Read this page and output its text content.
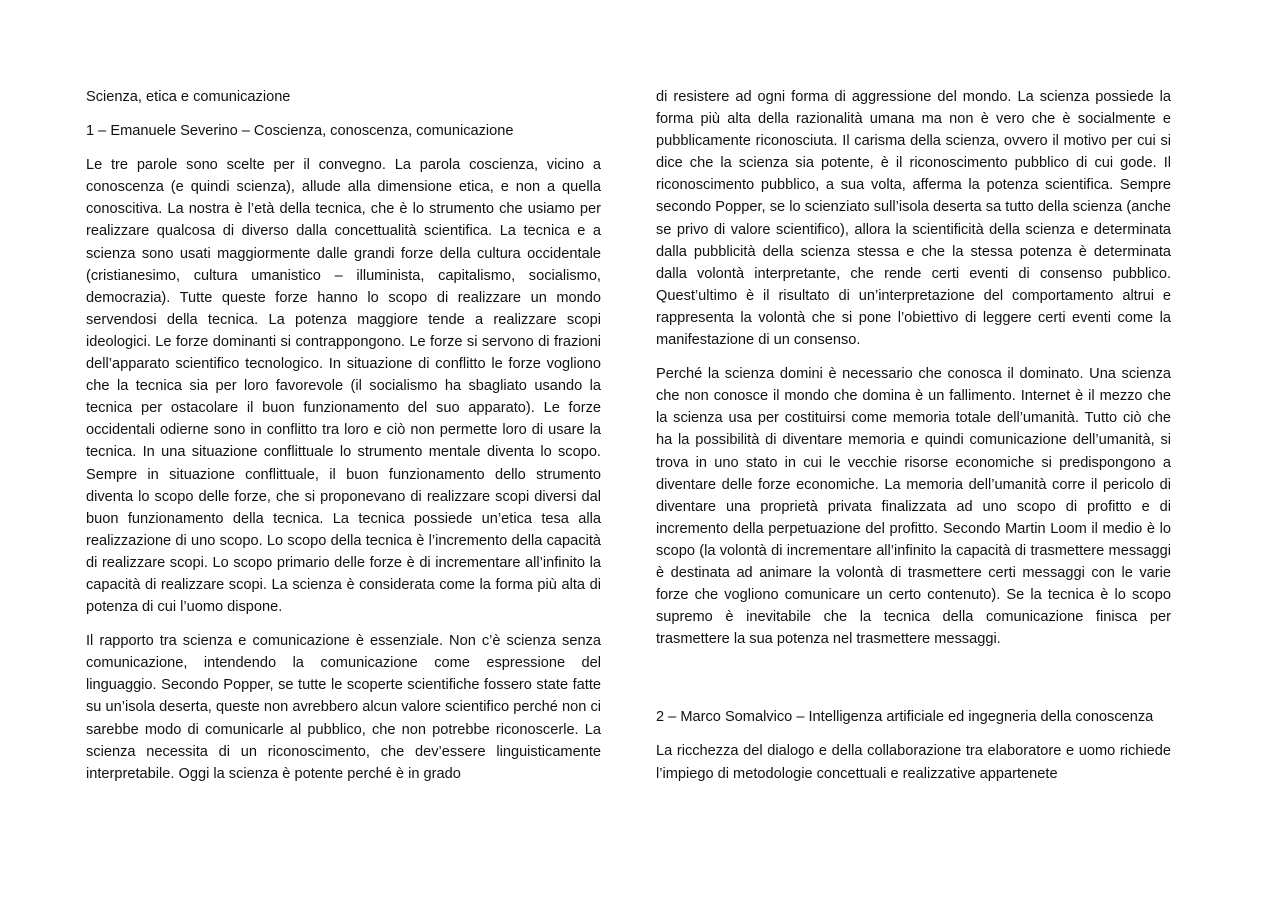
Scienza, etica e comunicazione

1 – Emanuele Severino – Coscienza, conoscenza, comunicazione

Le tre parole sono scelte per il convegno. La parola coscienza, vicino a conoscenza (e quindi scienza), allude alla dimensione etica, e non a quella conoscitiva. La nostra è l’età della tecnica, che è lo strumento che usiamo per realizzare qualcosa di diverso dalla concettualità scientifica. La tecnica e a scienza sono usati maggiormente dalle grandi forze della cultura occidentale (cristianesimo, cultura umanistico – illuminista, capitalismo, socialismo, democrazia). Tutte queste forze hanno lo scopo di realizzare un mondo servendosi della tecnica. La potenza maggiore tende a realizzare scopi ideologici. Le forze dominanti si contrappongono. Le forze si servono di frazioni dell’apparato scientifico tecnologico. In situazione di conflitto le forze vogliono che la tecnica sia per loro favorevole (il socialismo ha sbagliato usando la tecnica per ostacolare il buon funzionamento del suo apparato). Le forze occidentali odierne sono in conflitto tra loro e ciò non permette loro di usare la tecnica. In una situazione conflittuale lo strumento mentale diventa lo scopo. Sempre in situazione conflittuale, il buon funzionamento dello strumento diventa lo scopo delle forze, che si proponevano di realizzare scopi diversi dal buon funzionamento della tecnica. La tecnica possiede un’etica tesa alla realizzazione di uno scopo. Lo scopo della tecnica è l’incremento della capacità di realizzare scopi. Lo scopo primario delle forze è di incrementare all’infinito la capacità di realizzare scopi. La scienza è considerata come la forma più alta di potenza di cui l’uomo dispone.

Il rapporto tra scienza e comunicazione è essenziale. Non c’è scienza senza comunicazione, intendendo la comunicazione come espressione del linguaggio. Secondo Popper, se tutte le scoperte scientifiche fossero state fatte su un’isola deserta, queste non avrebbero alcun valore scientifico perché non ci sarebbe modo di comunicarle al pubblico, che non potrebbe riconoscerle. La scienza necessita di un riconoscimento, che dev’essere linguisticamente interpretabile. Oggi la scienza è potente perché è in grado

di resistere ad ogni forma di aggressione del mondo. La scienza possiede la forma più alta della razionalità umana ma non è vero che è socialmente e pubblicamente riconosciuta. Il carisma della scienza, ovvero il motivo per cui si dice che la scienza sia potente, è il riconoscimento pubblico di cui gode. Il riconoscimento pubblico, a sua volta, afferma la potenza scientifica. Sempre secondo Popper, se lo scienziato sull’isola deserta sa tutto della scienza (anche se privo di valore scientifico), allora la scientificità della scienza e determinata dalla pubblicità della scienza stessa e che la stessa potenza è determinata dalla volontà interpretante, che rende certi eventi di consenso pubblico. Quest’ultimo è il risultato di un’interpretazione del comportamento altrui e rappresenta la volontà che si pone l’obiettivo di leggere certi eventi come la manifestazione di un consenso.

Perché la scienza domini è necessario che conosca il dominato. Una scienza che non conosce il mondo che domina è un fallimento. Internet è il mezzo che la scienza usa per costituirsi come memoria totale dell’umanità. Tutto ciò che ha la possibilità di diventare memoria e quindi comunicazione dell’umanità, si trova in uno stato in cui le vecchie risorse economiche si predispongono a diventare delle forze economiche. La memoria dell’umanità corre il pericolo di diventare una proprietà privata finalizzata ad uno scopo di profitto e di incremento della perpetuazione del profitto. Secondo Martin Loom il medio è lo scopo (la volontà di incrementare all’infinito la capacità di trasmettere messaggi è destinata ad animare la volontà di trasmettere certi messaggi con le varie forze che vogliono comunicare un certo contenuto). Se la tecnica è lo scopo supremo è inevitabile che la tecnica della comunicazione finisca per trasmettere la sua potenza nel trasmettere messaggi.

2 – Marco Somalvico – Intelligenza artificiale ed ingegneria della conoscenza

La ricchezza del dialogo e della collaborazione tra elaboratore e uomo richiede l’impiego di metodologie concettuali e realizzative appartenete
